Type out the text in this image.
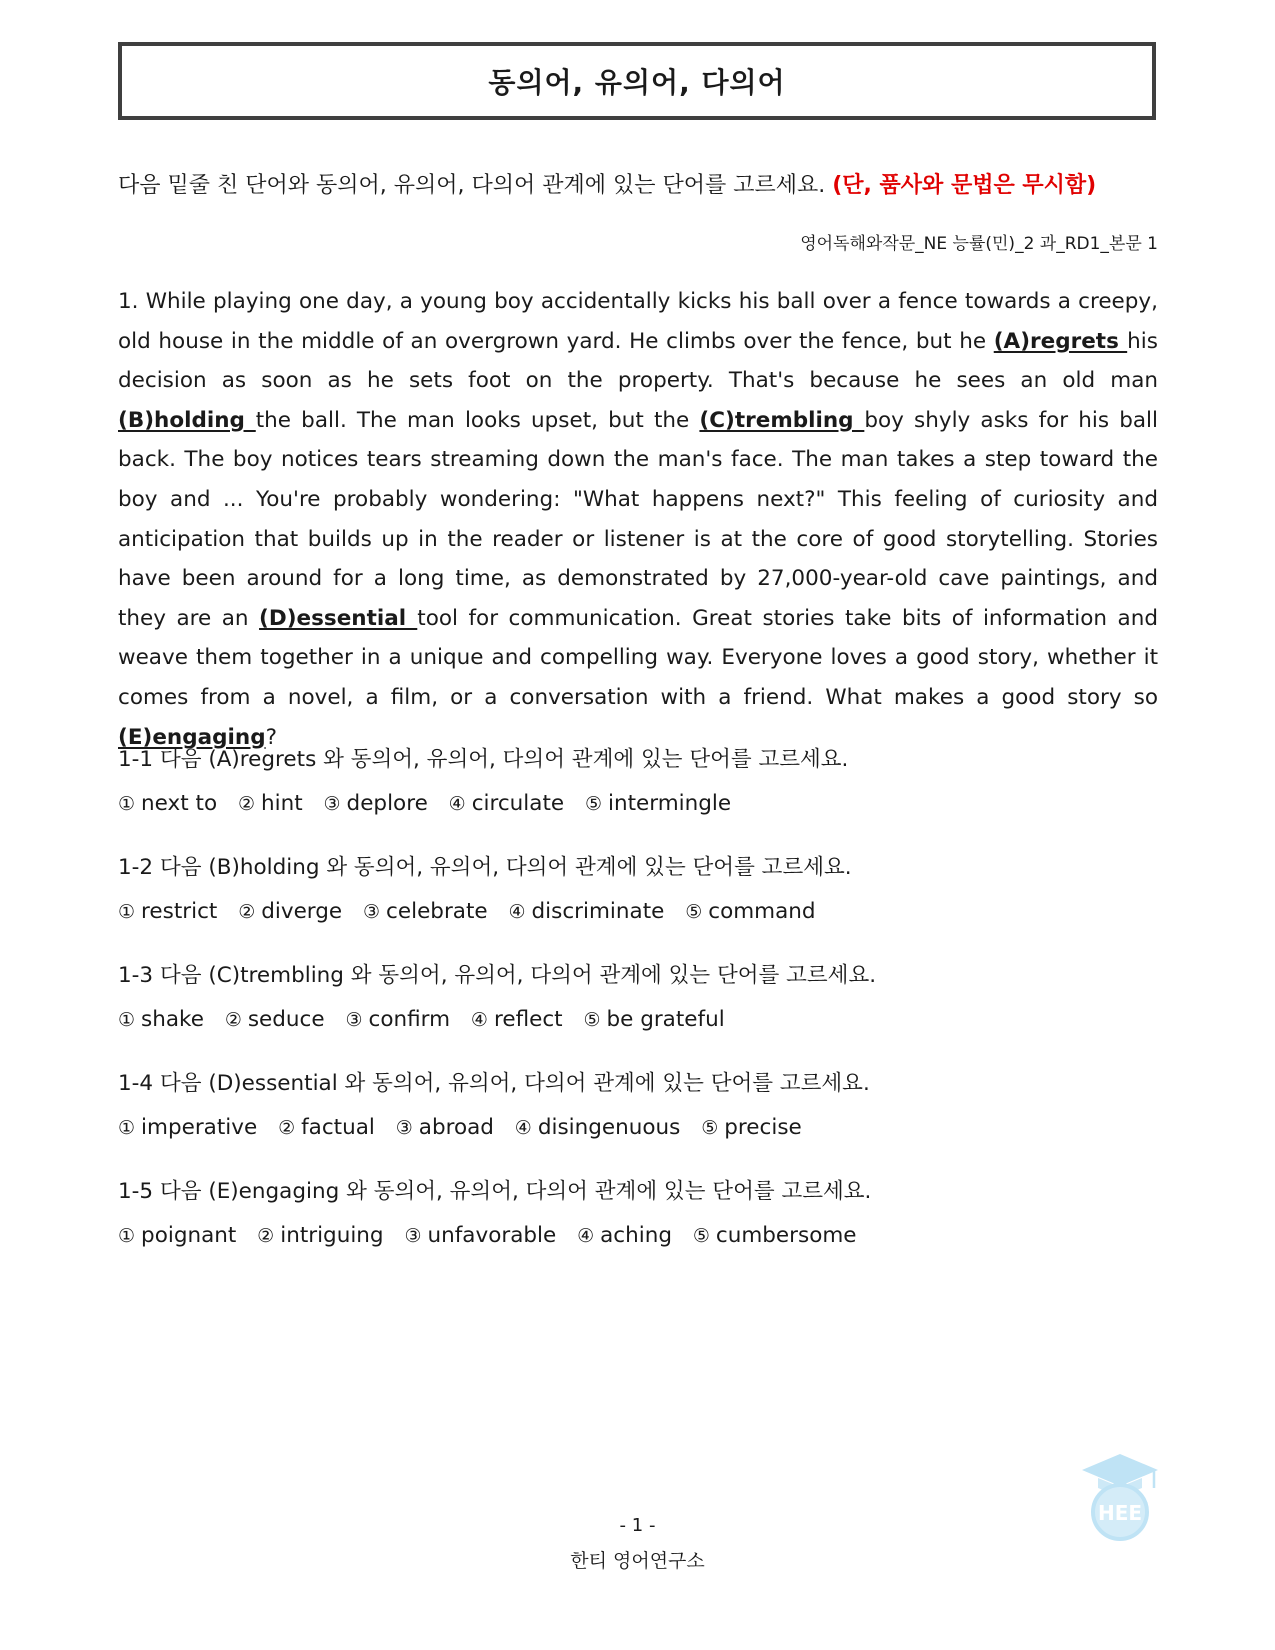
동의어, 유의어, 다의어
다음 밑줄 친 단어와 동의어, 유의어, 다의어 관계에 있는 단어를 고르세요. (단, 품사와 문법은 무시함)
영어독해와작문_NE 능률(민)_2 과_RD1_본문 1

1. While playing one day, a young boy accidentally kicks his ball over a fence towards a creepy, old house in the middle of an overgrown yard. He climbs over the fence, but he (A)regrets his decision as soon as he sets foot on the property. That's because he sees an old man (B)holding the ball. The man looks upset, but the (C)trembling boy shyly asks for his ball back. The boy notices tears streaming down the man's face. The man takes a step toward the boy and ... You're probably wondering: "What happens next?" This feeling of curiosity and anticipation that builds up in the reader or listener is at the core of good storytelling. Stories have been around for a long time, as demonstrated by 27,000-year-old cave paintings, and they are an (D)essential tool for communication. Great stories take bits of information and weave them together in a unique and compelling way. Everyone loves a good story, whether it comes from a novel, a film, or a conversation with a friend. What makes a good story so (E)engaging?

1-1 다음 (A)regrets 와 동의어, 유의어, 다의어 관계에 있는 단어를 고르세요.

① next to ② hint ③ deplore ④ circulate ⑤ intermingle

1-2 다음 (B)holding 와 동의어, 유의어, 다의어 관계에 있는 단어를 고르세요.

① restrict ② diverge ③ celebrate ④ discriminate ⑤ command

1-3 다음 (C)trembling 와 동의어, 유의어, 다의어 관계에 있는 단어를 고르세요.

① shake ② seduce ③ confirm ④ reflect ⑤ be grateful

1-4 다음 (D)essential 와 동의어, 유의어, 다의어 관계에 있는 단어를 고르세요.

① imperative ② factual ③ abroad ④ disingenuous ⑤ precise

1-5 다음 (E)engaging 와 동의어, 유의어, 다의어 관계에 있는 단어를 고르세요.

① poignant ② intriguing ③ unfavorable ④ aching ⑤ cumbersome
HEE
- 1 -
한티 영어연구소
